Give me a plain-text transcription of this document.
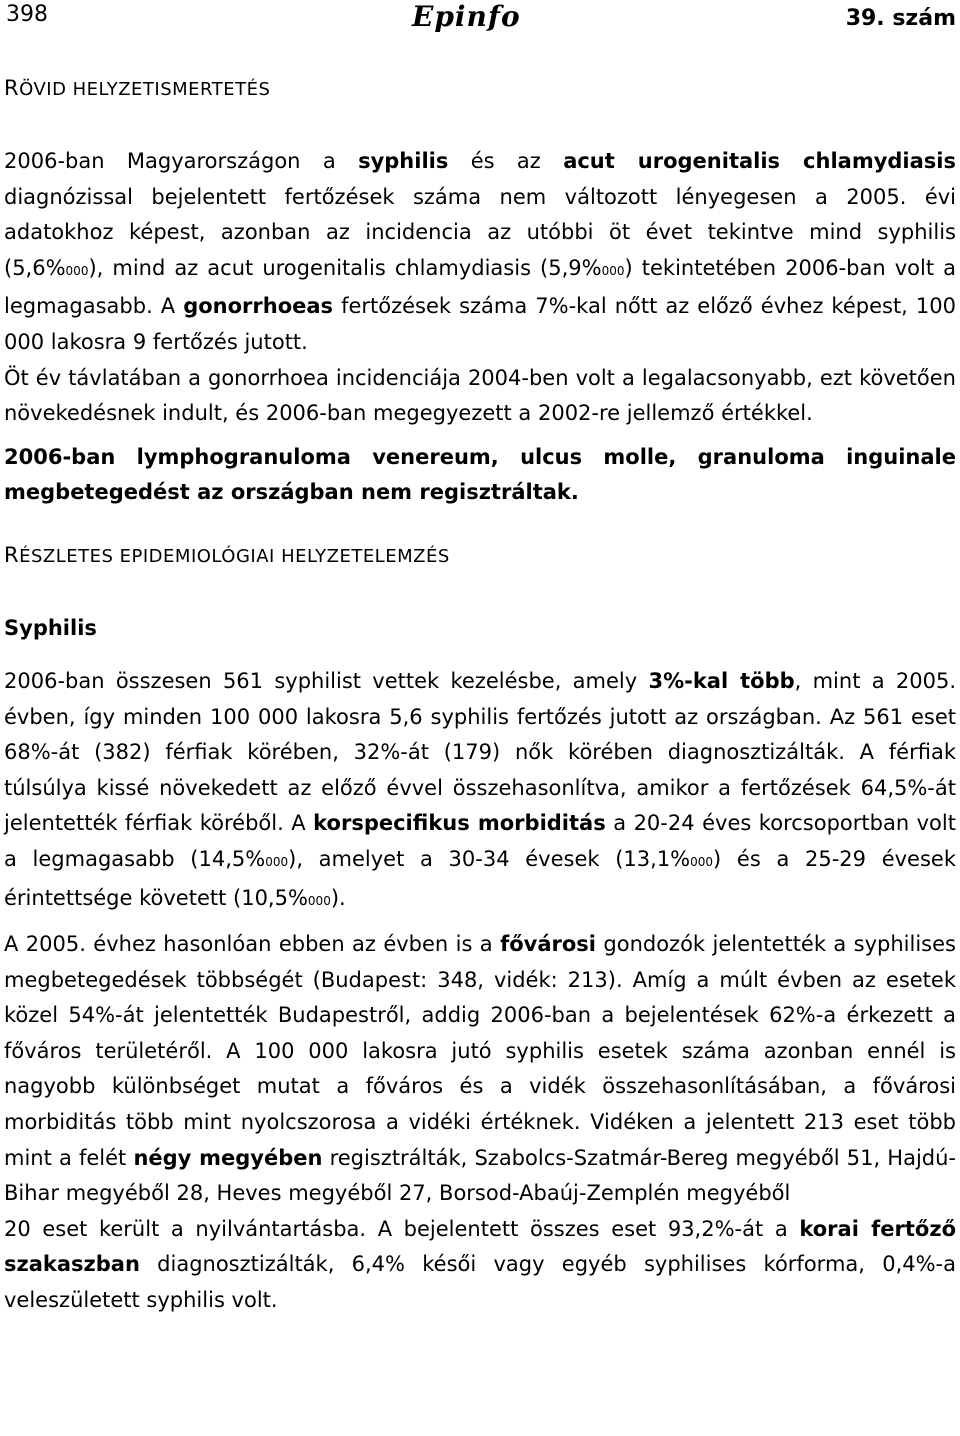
398	Epinfo	39. szám
RÖVID HELYZETISMERTETÉS

2006-ban Magyarországon a syphilis és az acut urogenitalis chlamydiasis diagnózissal bejelentett fertőzések száma nem változott lényegesen a 2005. évi adatokhoz képest, azonban az incidencia az utóbbi öt évet tekintve mind syphilis (5,6%000), mind az acut urogenitalis chlamydiasis (5,9%000) tekintetében 2006-ban volt a legmagasabb. A gonorrhoeas fertőzések száma 7%-kal nőtt az előző évhez képest, 100 000 lakosra 9 fertőzés jutott.

Öt év távlatában a gonorrhoea incidenciája 2004-ben volt a legalacsonyabb, ezt követően növekedésnek indult, és 2006-ban megegyezett a 2002-re jellemző értékkel.

2006-ban lymphogranuloma venereum, ulcus molle, granuloma inguinale megbetegedést az országban nem regisztráltak.

RÉSZLETES EPIDEMIOLÓGIAI HELYZETELEMZÉS
Syphilis

2006-ban összesen 561 syphilist vettek kezelésbe, amely 3%-kal több, mint a 2005. évben, így minden 100 000 lakosra 5,6 syphilis fertőzés jutott az országban. Az 561 eset 68%-át (382) férfiak körében, 32%-át (179) nők körében diagnosztizálták. A férfiak túlsúlya kissé növekedett az előző évvel összehasonlítva, amikor a fertőzések 64,5%-át jelentették férfiak köréből. A korspecifikus morbiditás a 20-24 éves korcsoportban volt a legmagasabb (14,5%000), amelyet a 30-34 évesek (13,1%000) és a 25-29 évesek érintettsége követett (10,5%000).

A 2005. évhez hasonlóan ebben az évben is a fővárosi gondozók jelentették a syphilises megbetegedések többségét (Budapest: 348, vidék: 213). Amíg a múlt évben az esetek közel 54%-át jelentették Budapestről, addig 2006-ban a bejelentések 62%-a érkezett a főváros területéről. A 100 000 lakosra jutó syphilis esetek száma azonban ennél is nagyobb különbséget mutat a főváros és a vidék összehasonlításában, a fővárosi morbiditás több mint nyolcszorosa a vidéki értéknek. Vidéken a jelentett 213 eset több mint a felét négy megyében regisztrálták, Szabolcs-Szatmár-Bereg megyéből 51, Hajdú-Bihar megyéből 28, Heves megyéből 27, Borsod-Abaúj-Zemplén megyéből

20 eset került a nyilvántartásba. A bejelentett összes eset 93,2%-át a korai fertőző szakaszban diagnosztizálták, 6,4% késői vagy egyéb syphilises kórforma, 0,4%-a veleszületett syphilis volt.
